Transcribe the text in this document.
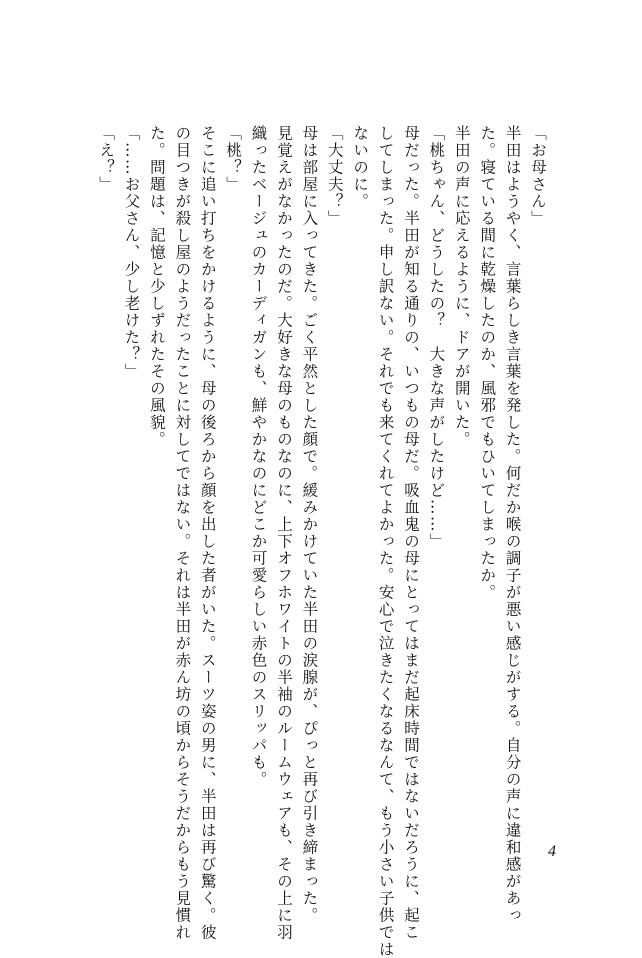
「お母さん」
半田はようやく、言葉らしき言葉を発した。何だか喉の調子が悪い感じがする。自分の声に違和感があっ
た。寝ている間に乾燥したのか、風邪でもひいてしまったか。
半田の声に応えるように、ドアが開いた。
「桃ちゃん、どうしたの？　大きな声がしたけど……」
母だった。半田が知る通りの、いつもの母だ。吸血鬼の母にとってはまだ起床時間ではないだろうに、起こ
してしまった。申し訳ない。それでも来てくれてよかった。安心で泣きたくなるなんて、もう小さい子供では
ないのに。
「大丈夫？」
母は部屋に入ってきた。ごく平然とした顔で。緩みかけていた半田の涙腺が、ぴっと再び引き締まった。
見覚えがなかったのだ。大好きな母のものなのに、上下オフホワイトの半袖のルームウェアも、その上に羽
織ったベージュのカーディガンも、鮮やかなのにどこか可愛らしい赤色のスリッパも。
「桃？」
そこに追い打ちをかけるように、母の後ろから顔を出した者がいた。スーツ姿の男に、半田は再び驚く。彼
の目つきが殺し屋のようだったことに対してではない。それは半田が赤ん坊の頃からそうだからもう見慣れ
た。問題は、記憶と少しずれたその風貌。
「……お父さん、少し老けた？」
「え？」
4
